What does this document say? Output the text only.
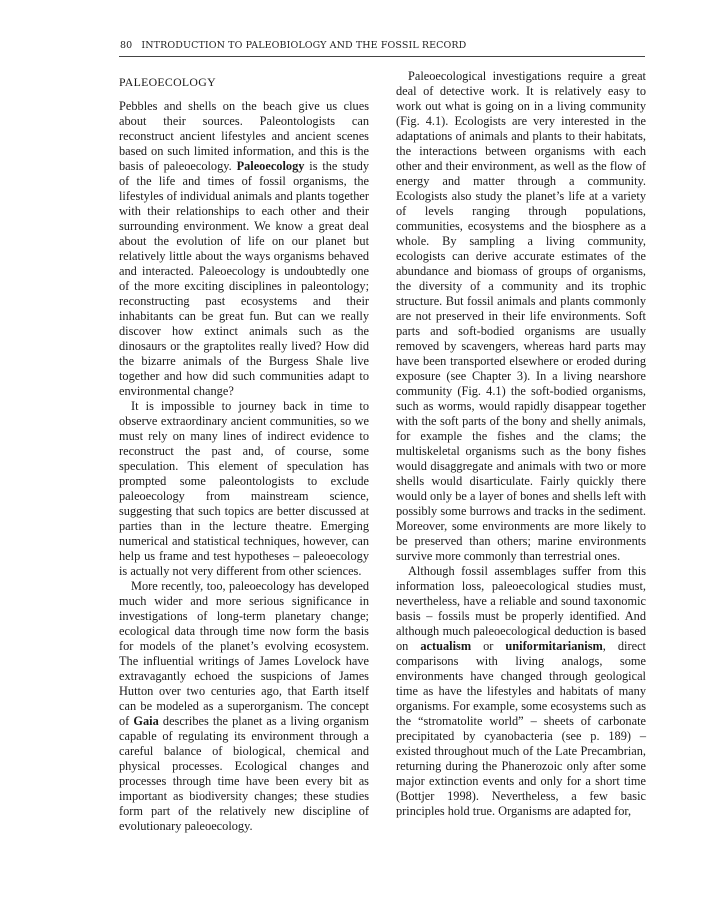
80 INTRODUCTION TO PALEOBIOLOGY AND THE FOSSIL RECORD
PALEOECOLOGY

Pebbles and shells on the beach give us clues about their sources. Paleontologists can reconstruct ancient lifestyles and ancient scenes based on such limited information, and this is the basis of paleoecology. Paleoecology is the study of the life and times of fossil organisms, the lifestyles of individual animals and plants together with their relationships to each other and their surrounding environment. We know a great deal about the evolution of life on our planet but relatively little about the ways organisms behaved and interacted. Paleoecology is undoubtedly one of the more exciting disciplines in paleontology; reconstructing past ecosystems and their inhabitants can be great fun. But can we really discover how extinct animals such as the dinosaurs or the graptolites really lived? How did the bizarre animals of the Burgess Shale live together and how did such communities adapt to environmental change?

It is impossible to journey back in time to observe extraordinary ancient communities, so we must rely on many lines of indirect evidence to reconstruct the past and, of course, some speculation. This element of speculation has prompted some paleontologists to exclude paleoecology from mainstream science, suggesting that such topics are better discussed at parties than in the lecture theatre. Emerging numerical and statistical techniques, however, can help us frame and test hypotheses – paleoecology is actually not very different from other sciences.

More recently, too, paleoecology has developed much wider and more serious significance in investigations of long-term planetary change; ecological data through time now form the basis for models of the planet’s evolving ecosystem. The influential writings of James Lovelock have extravagantly echoed the suspicions of James Hutton over two centuries ago, that Earth itself can be modeled as a superorganism. The concept of Gaia describes the planet as a living organism capable of regulating its environment through a careful balance of biological, chemical and physical processes. Ecological changes and processes through time have been every bit as important as biodiversity changes; these studies form part of the relatively new discipline of evolutionary paleoecology.

Paleoecological investigations require a great deal of detective work. It is relatively easy to work out what is going on in a living community (Fig. 4.1). Ecologists are very interested in the adaptations of animals and plants to their habitats, the interactions between organisms with each other and their environment, as well as the flow of energy and matter through a community. Ecologists also study the planet’s life at a variety of levels ranging through populations, communities, ecosystems and the biosphere as a whole. By sampling a living community, ecologists can derive accurate estimates of the abundance and biomass of groups of organisms, the diversity of a community and its trophic structure. But fossil animals and plants commonly are not preserved in their life environments. Soft parts and soft-bodied organisms are usually removed by scavengers, whereas hard parts may have been transported elsewhere or eroded during exposure (see Chapter 3). In a living nearshore community (Fig. 4.1) the soft-bodied organisms, such as worms, would rapidly disappear together with the soft parts of the bony and shelly animals, for example the fishes and the clams; the multiskeletal organisms such as the bony fishes would disaggregate and animals with two or more shells would disarticulate. Fairly quickly there would only be a layer of bones and shells left with possibly some burrows and tracks in the sediment. Moreover, some environments are more likely to be preserved than others; marine environments survive more commonly than terrestrial ones.

Although fossil assemblages suffer from this information loss, paleoecological studies must, nevertheless, have a reliable and sound taxonomic basis – fossils must be properly identified. And although much paleoecological deduction is based on actualism or uniformitarianism, direct comparisons with living analogs, some environments have changed through geological time as have the lifestyles and habitats of many organisms. For example, some ecosystems such as the “stromatolite world” – sheets of carbonate precipitated by cyanobacteria (see p. 189) – existed throughout much of the Late Precambrian, returning during the Phanerozoic only after some major extinction events and only for a short time (Bottjer 1998). Nevertheless, a few basic principles hold true. Organisms are adapted for,
